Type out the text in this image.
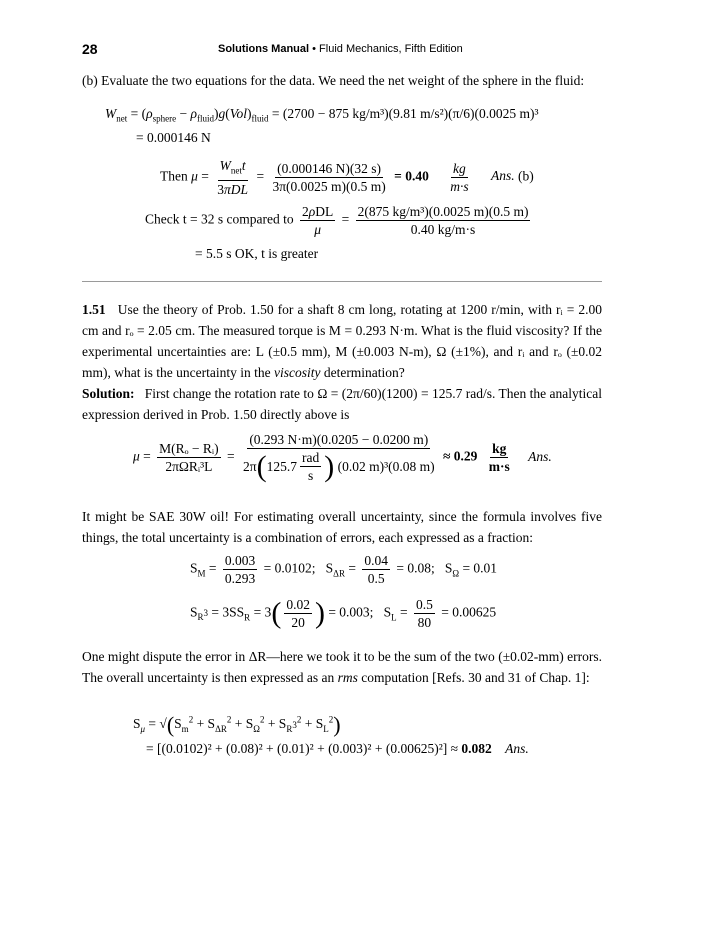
28	Solutions Manual • Fluid Mechanics, Fifth Edition
(b) Evaluate the two equations for the data. We need the net weight of the sphere in the fluid:
$W_{net} = (\rho_{sphere} - \rho_{fluid})g(Vol)_{fluid} = (2700 - 875$ kg/m³)(9.81 m/s²)(π/6)(0.0025 m)³
= 0.000146 N
Then $\mu = \frac{W_{net}t}{\text{3πDL}} = \frac{(0.000146 N)(32 s)}{3\pi(0.0025 m)(0.5 m)} = 0.40 \frac{kg}{m\cdot s}$ Ans. (b)
Check t = 32 s compared to $\frac{\text{2ρDL}}{\mu} = \frac{\text{2(875 kg/m³)(0.0025 m)(0.5 m)}}{0.40 kg/m\cdot s}$
= 5.5 s OK, t is greater
1.51 Use the theory of Prob. 1.50 for a shaft 8 cm long, rotating at 1200 r/min, with rᵢ = 2.00 cm and rₒ = 2.05 cm. The measured torque is M = 0.293 N·m. What is the fluid viscosity? If the experimental uncertainties are: L (±0.5 mm), M (±0.003 N-m), Ω (±1%), and rᵢ and rₒ (±0.02 mm), what is the uncertainty in the viscosity determination?
Solution: First change the rotation rate to Ω = (2π/60)(1200) = 125.7 rad/s. Then the analytical expression derived in Prob. 1.50 directly above is
$\mu = \frac{\text{M(Rₒ − Rᵢ)}}{\text{2πΩRᵢ³L}} = (0.293$ N·m)(0.0205 − 0.0200 m)
2π ( $125.7 \frac{\text{rad}}{s}$ )
(0.02 m)³(0.08 $m) \approx 0.29 \frac{kg}{m\cdot s}$ Ans.
It might be SAE 30W oil! For estimating overall uncertainty, since the formula involves five things, the total uncertainty is a combination of errors, each expressed as a fraction:
$S_M = \frac{0.003}{0.293} = 0.0102$;   $S_{\Delta R} = \frac{0.04}{0.5} = 0.08$;   $S_\Omega = 0.01$
$S_{R^3} = 3SS_R = 3( \frac{0.02}{20}$ ) = 0.003;   $S_L = \frac{0.5}{80} = 0.00625$
One might dispute the error in ΔR—here we took it to be the sum of the two (±0.02-mm) errors. The overall uncertainty is then expressed as an rms computation [Refs. 30 and 31 of Chap. 1]:
$S_\mu = √(S_m^2 + S_{\Delta R}^2 + S_\Omega^2 + S_{R^3}^2 + S_L^2)$
= [(0.0102)² + (0.08)² + (0.01)² + (0.003)² + (0.00625)²] ≈ 0.082 Ans.
